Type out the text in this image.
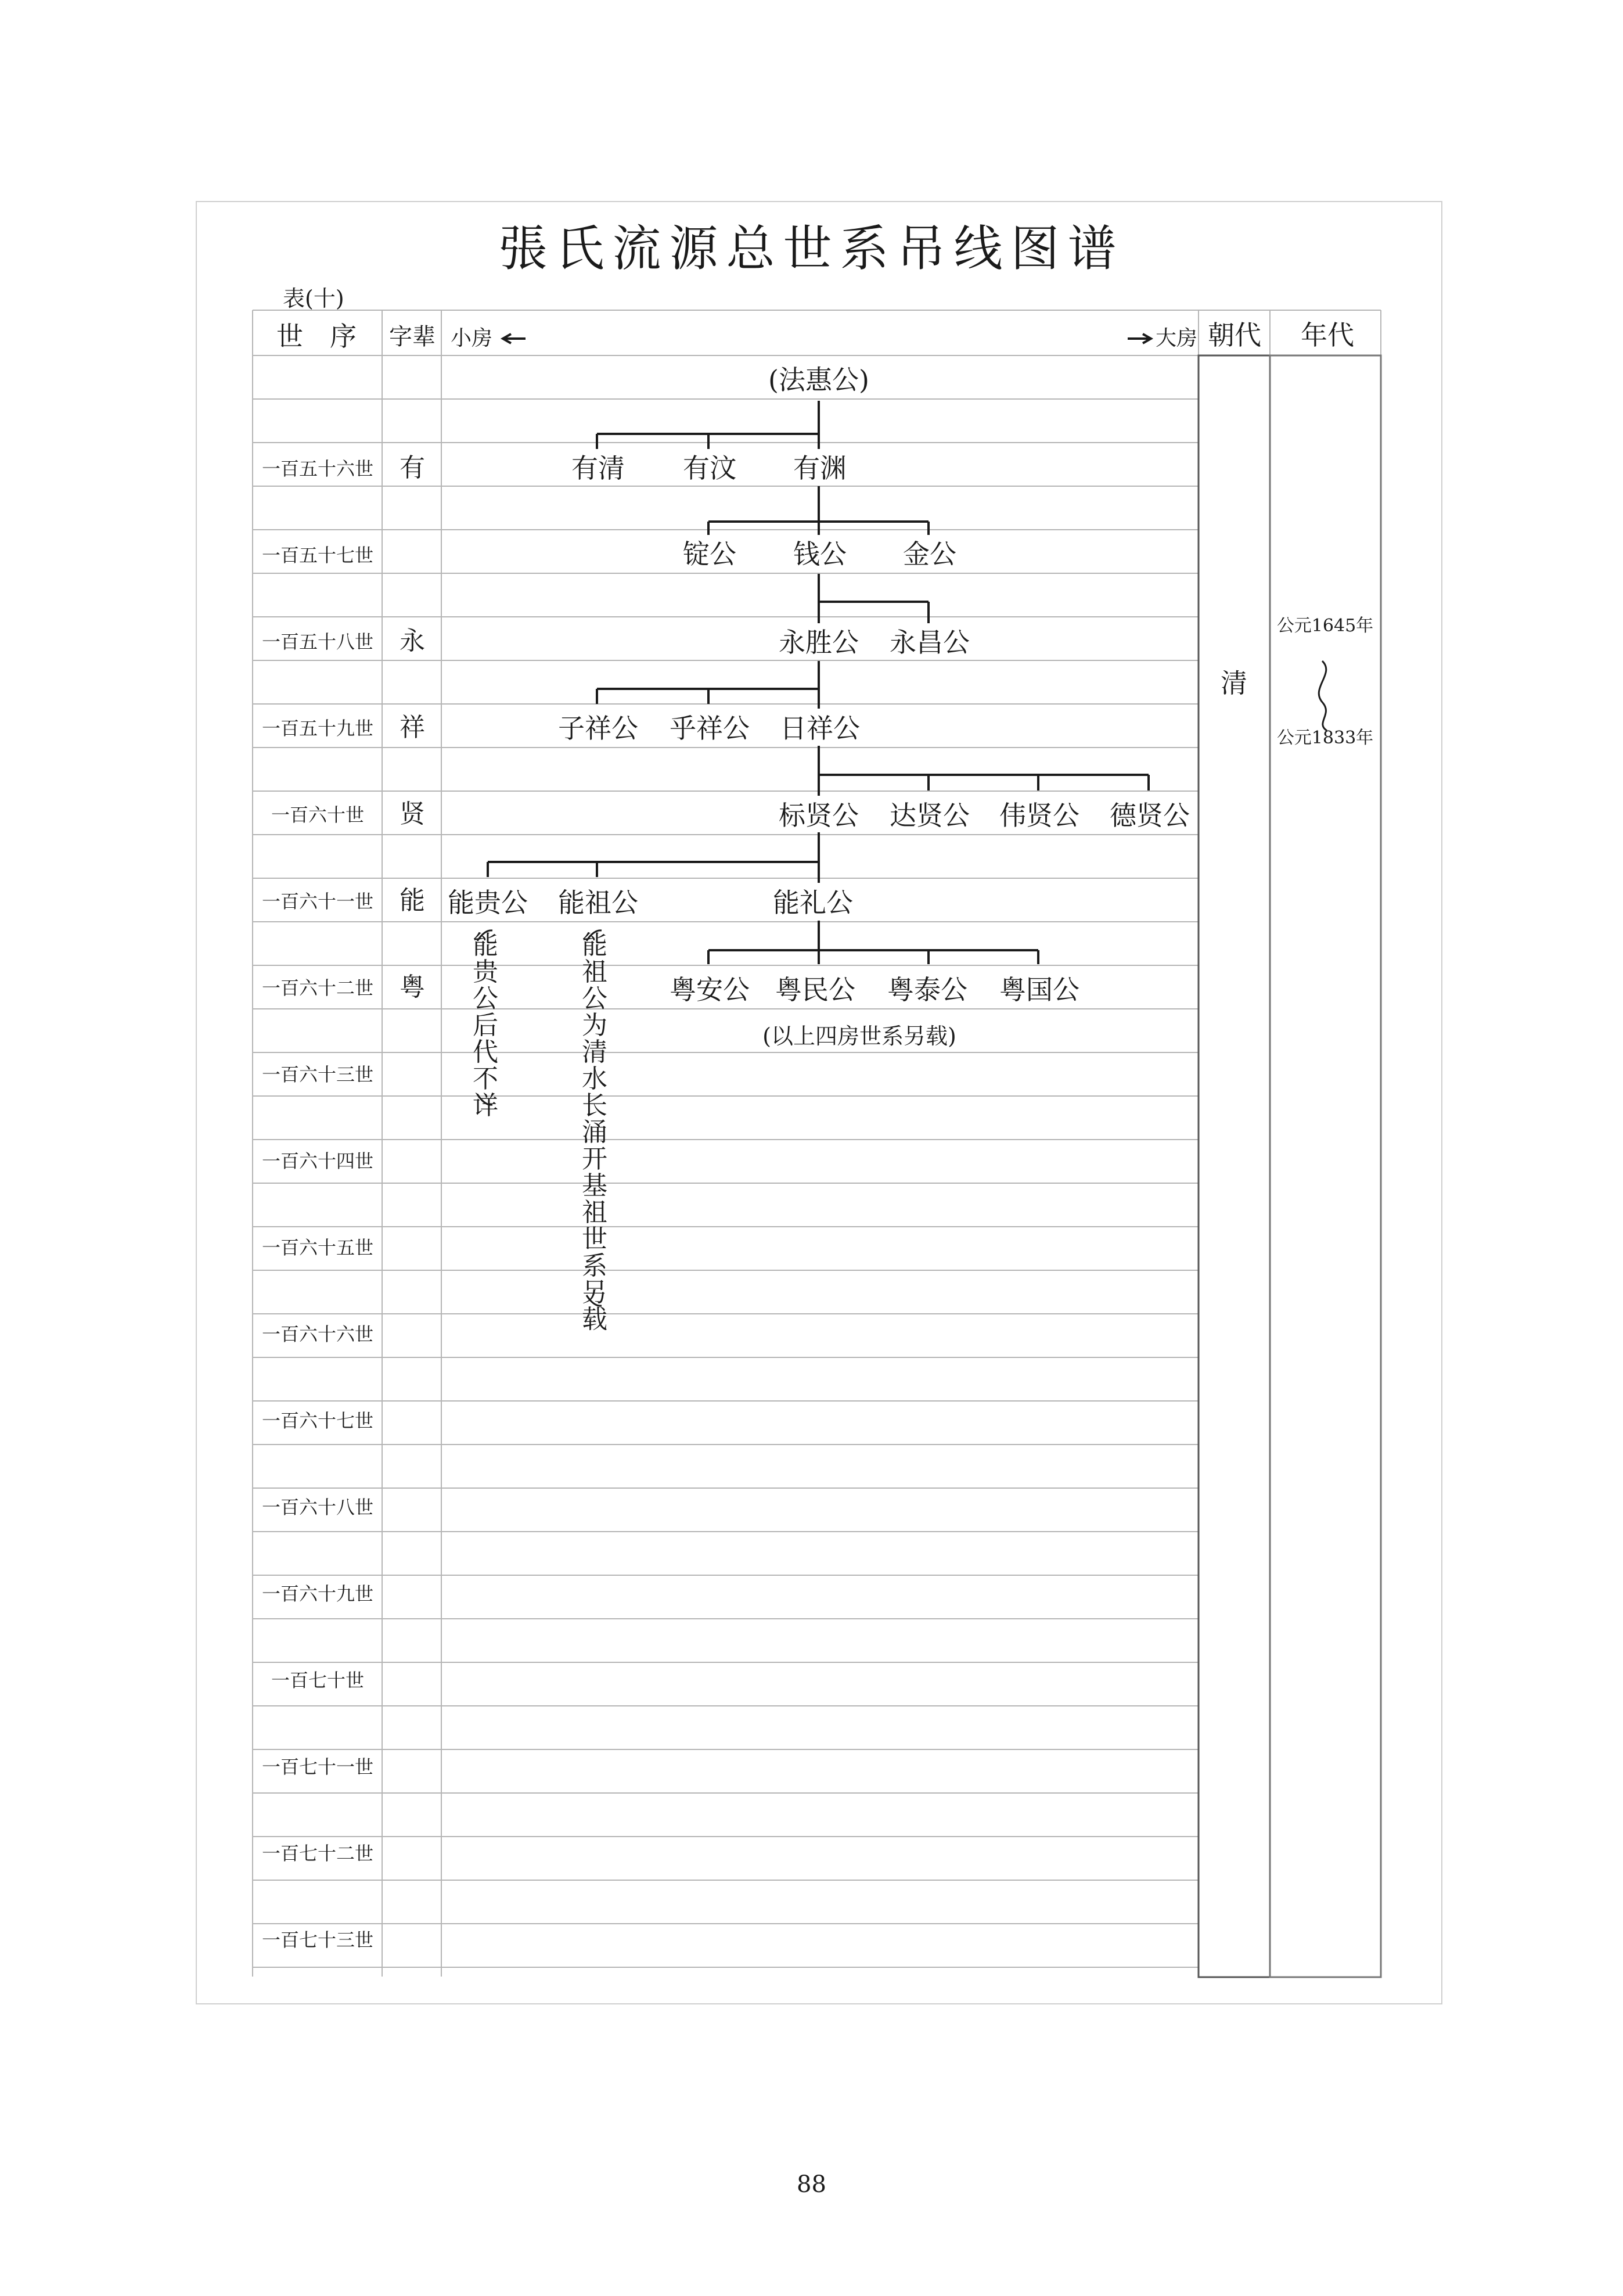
張氏流源总世系吊线图谱
表(十)
世　序 字辈 小房	大房 朝代 年代
一百五十六世 有
一百五十七世
一百五十八世 永
一百五十九世 祥
一百六十世 贤
一百六十一世 能
一百六十二世 粤
一百六十三世
一百六十四世
一百六十五世
一百六十六世
一百六十七世
一百六十八世
一百六十九世
一百七十世
一百七十一世
一百七十二世
一百七十三世
清
公元1645年
公元1833年
(法惠公)
有清 有汶 有渊
锭公 钱公 金公
永胜公 永昌公
子祥公 乎祥公 日祥公
标贤公 达贤公 伟贤公 德贤公
能贵公 能祖公	能礼公
粤安公 粤民公 粤泰公 粤国公
(以上四房世系另载)
能贵公后代不详
能祖公为清水长涌开基祖世系另载
88
